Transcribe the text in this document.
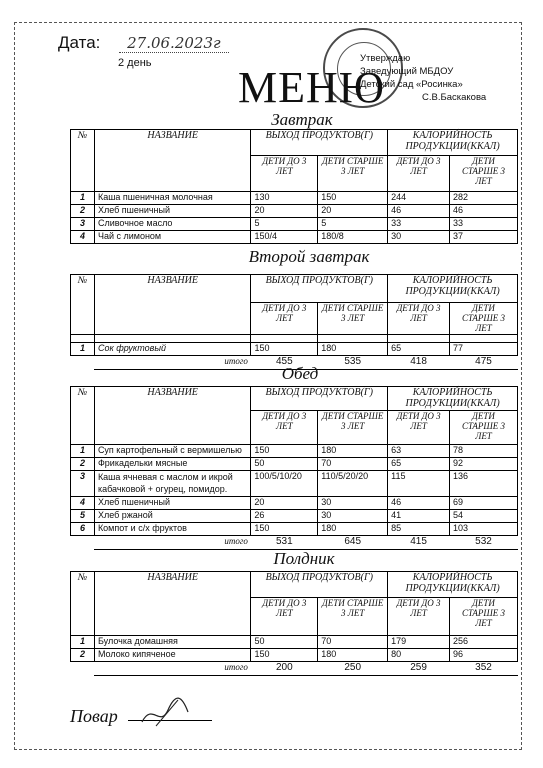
Дата: 27.06.2023г
2 день МЕНЮ
Утверждаю
Заведующий МБДОУ
Детский сад «Росинка»
С.В.Баскакова
Завтрак
№	НАЗВАНИЕ	ВЫХОД ПРОДУКТОВ(Г)		КАЛОРИЙНОСТЬ ПРОДУКЦИИ(ККАЛ)	
		ДЕТИ ДО 3 ЛЕТ	ДЕТИ СТАРШЕ 3 ЛЕТ	ДЕТИ ДО 3 ЛЕТ	ДЕТИ СТАРШЕ 3 ЛЕТ
1	Каша пшеничная молочная	130	150	244	282
2	Хлеб пшеничный	20	20	46	46
3	Сливочное масло	5	5	33	33
4	Чай с лимоном	150/4	180/8	30	37
Второй завтрак
№	НАЗВАНИЕ	ВЫХОД ПРОДУКТОВ(Г)		КАЛОРИЙНОСТЬ ПРОДУКЦИИ(ККАЛ)	
		ДЕТИ ДО 3 ЛЕТ	ДЕТИ СТАРШЕ 3 ЛЕТ	ДЕТИ ДО 3 ЛЕТ	ДЕТИ СТАРШЕ 3 ЛЕТ

1	Сок фруктовый	150	180	65	77
	итого	455	535	418	475
Обед
№	НАЗВАНИЕ	ВЫХОД ПРОДУКТОВ(Г)		КАЛОРИЙНОСТЬ ПРОДУКЦИИ(ККАЛ)	
		ДЕТИ ДО 3 ЛЕТ	ДЕТИ СТАРШЕ 3 ЛЕТ	ДЕТИ ДО 3 ЛЕТ	ДЕТИ СТАРШЕ 3 ЛЕТ
1	Суп картофельный с вермишелью	150	180	63	78
2	Фрикадельки мясные	50	70	65	92
3	Каша ячневая с маслом и икрой кабачковой + огурец, помидор.	100/5/10/20	110/5/20/20	115	136
4	Хлеб пшеничный	20	30	46	69
5	Хлеб ржаной	26	30	41	54
6	Компот и с/х фруктов	150	180	85	103
	итого	531	645	415	532
Полдник
№	НАЗВАНИЕ	ВЫХОД ПРОДУКТОВ(Г)		КАЛОРИЙНОСТЬ ПРОДУКЦИИ(ККАЛ)	
		ДЕТИ ДО 3 ЛЕТ	ДЕТИ СТАРШЕ 3 ЛЕТ	ДЕТИ ДО 3 ЛЕТ	ДЕТИ СТАРШЕ 3 ЛЕТ
1	Булочка домашняя	50	70	179	256
2	Молоко кипяченое	150	180	80	96
	итого	200	250	259	352
Повар
